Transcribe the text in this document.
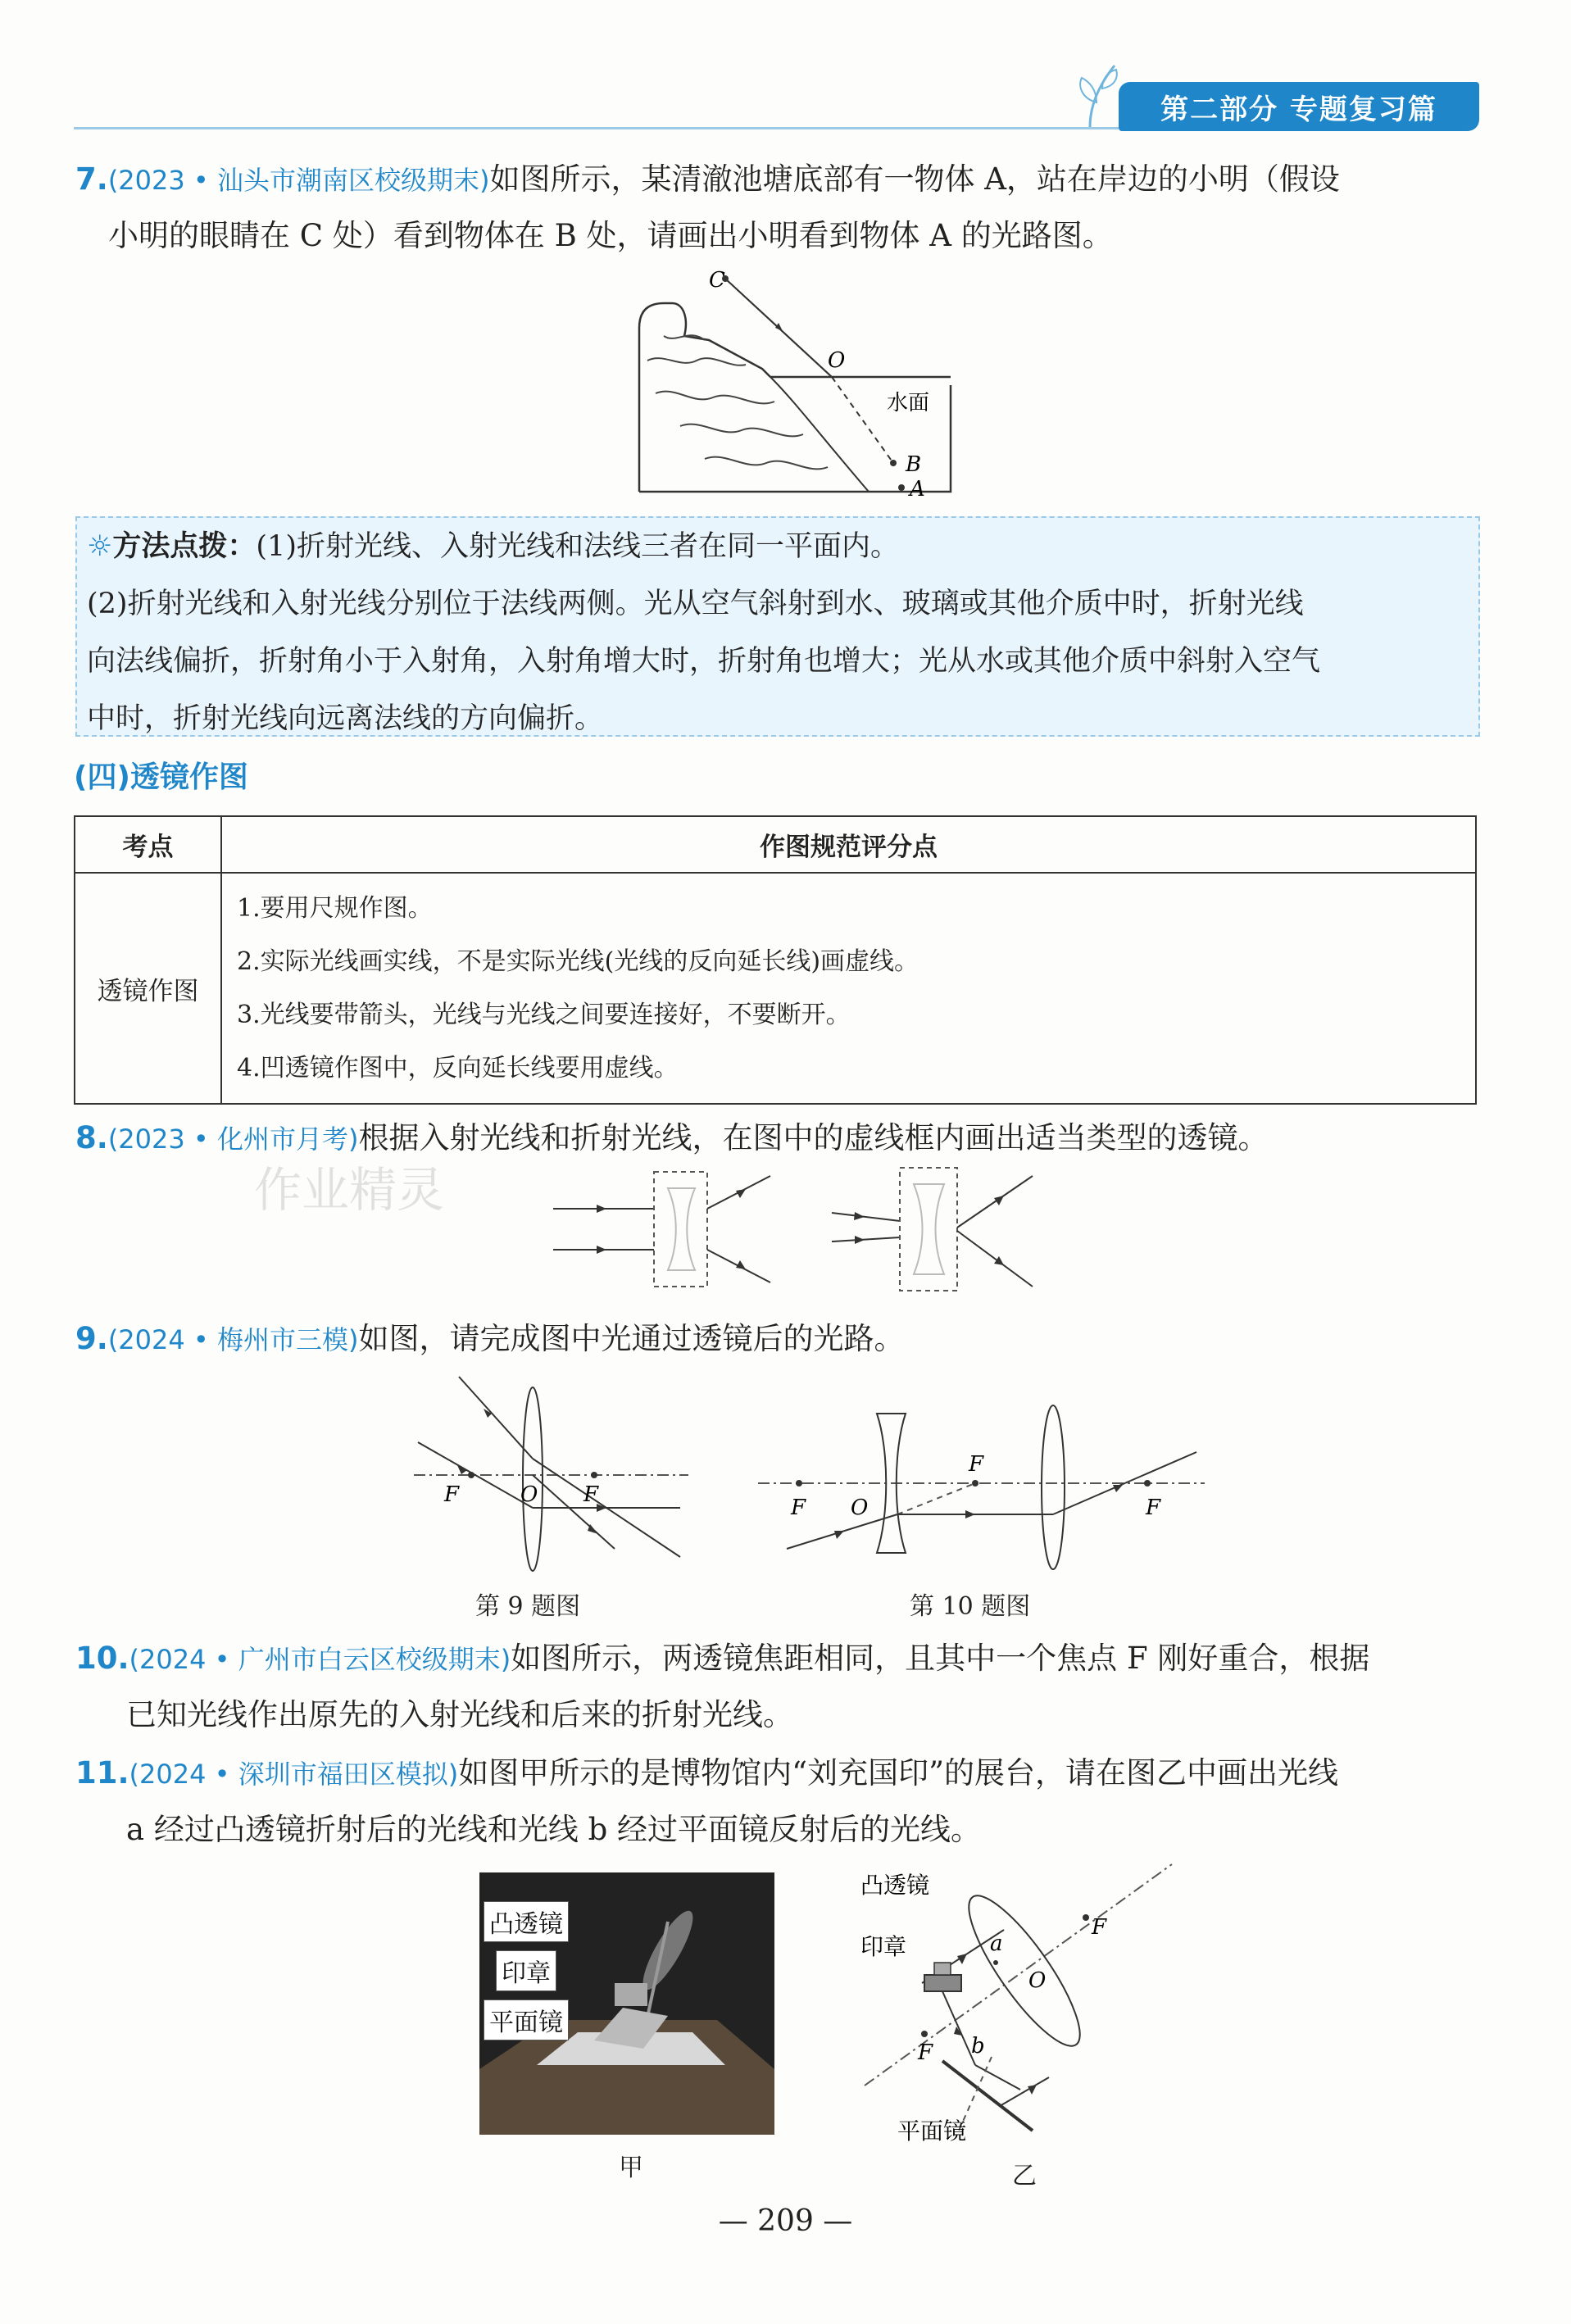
第二部分 专题复习篇
7.(2023 • 汕头市潮南区校级期末)如图所示，某清澈池塘底部有一物体 A，站在岸边的小明（假设
小明的眼睛在 C 处）看到物体在 B 处，请画出小明看到物体 A 的光路图。
C
O
水面
B
A

☼方法点拨：(1)折射光线、入射光线和法线三者在同一平面内。

(2)折射光线和入射光线分别位于法线两侧。光从空气斜射到水、玻璃或其他介质中时，折射光线

向法线偏折，折射角小于入射角，入射角增大时，折射角也增大；光从水或其他介质中斜射入空气

中时，折射光线向远离法线的方向偏折。

(四)透镜作图
考点	作图规范评分点
透镜作图	1.要用尺规作图。
2.实际光线画实线，不是实际光线(光线的反向延长线)画虚线。
3.光线要带箭头，光线与光线之间要连接好，不要断开。
4.凹透镜作图中，反向延长线要用虚线。
8.(2023 • 化州市月考)根据入射光线和折射光线，在图中的虚线框内画出适当类型的透镜。
作业精灵
9.(2024 • 梅州市三模)如图，请完成图中光通过透镜后的光路。
F	O F
第 9 题图
F O
F
F
第 10 题图
10.(2024 • 广州市白云区校级期末)如图所示，两透镜焦距相同，且其中一个焦点 F 刚好重合，根据
已知光线作出原先的入射光线和后来的折射光线。
11.(2024 • 深圳市福田区模拟)如图甲所示的是博物馆内“刘充国印”的展台，请在图乙中画出光线
a 经过凸透镜折射后的光线和光线 b 经过平面镜反射后的光线。
凸透镜
印章
平面镜
甲
凸透镜
F
a
O
印章
F b
平面镜
乙
— 209 —
